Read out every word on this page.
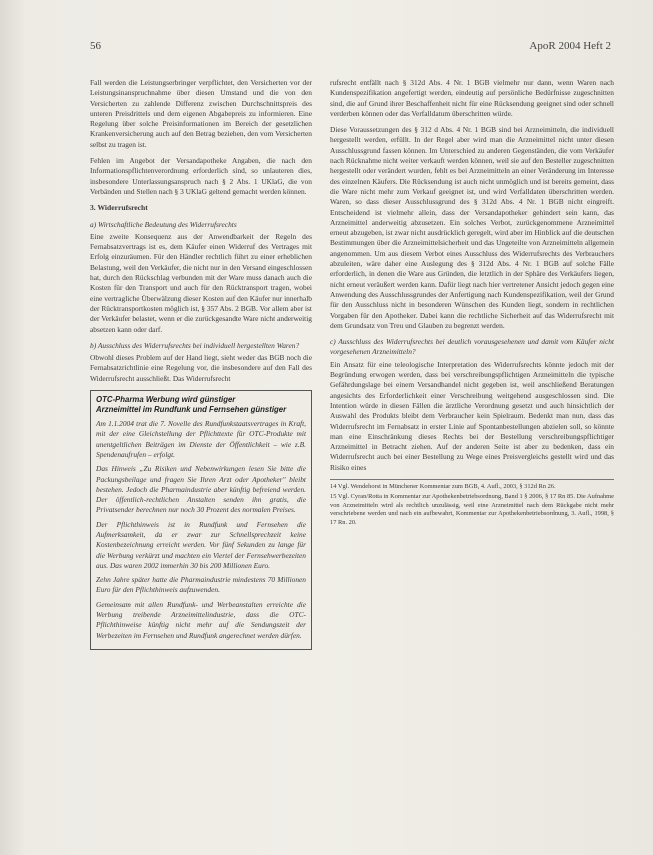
56	ApoR 2004 Heft 2

Fall werden die Leistungserbringer verpflichtet, den Versicherten vor der Leistungsinanspruchnahme über diesen Umstand und die von den Versicherten zu zahlende Differenz zwischen Durchschnittspreis des unteren Preisdrittels und dem eigenen Abgabepreis zu informieren. Eine Regelung über solche Preisinformationen im Bereich der gesetzlichen Krankenversicherung auch auf den Betrag beziehen, den vom Versicherten selbst zu tragen ist.

Fehlen im Angebot der Versandapotheke Angaben, die nach den Informationspflichtenverordnung erforderlich sind, so unlauteren dies, insbesondere Unterlassungsanspruch nach § 2 Abs. 1 UKlaG, die von Verbänden und Stellen nach § 3 UKlaG geltend gemacht werden können.

3. Widerrufsrecht
a) Wirtschaftliche Bedeutung des Widerrufsrechts

Eine zweite Konsequenz aus der Anwendbarkeit der Regeln des Fernabsatzvertrags ist es, dem Käufer einen Widerruf des Vertrages mit Erfolg einzuräumen. Für den Händler rechtlich führt zu einer erheblichen Belastung, weil den Verkäufer, die nicht nur in den Versand eingeschlossen hat, durch den Rückschlag verbunden mit der Ware muss danach auch die Kosten für den Transport und auch für den Rücktransport tragen, wobei eine vertragliche Überwälzung dieser Kosten auf den Käufer nur innerhalb der Rücktransportkosten möglich ist, § 357 Abs. 2 BGB. Vor allem aber ist der Verkäufer belastet, wenn er die zurückgesandte Ware nicht anderweitig absetzen kann oder darf.

b) Ausschluss des Widerrufsrechts bei individuell hergestellten Waren?

Obwohl dieses Problem auf der Hand liegt, sieht weder das BGB noch die Fernabsatzrichtlinie eine Regelung vor, die insbesondere auf den Fall des Widerrufsrecht ausschließt. Das Widerrufsrecht

OTC-Pharma Werbung wird günstiger

Arzneimittel im Rundfunk und Fernsehen günstiger

Am 1.1.2004 trat die 7. Novelle des Rundfunkstaatsvertrages in Kraft, mit der eine Gleichstellung der Pflichttexte für OTC-Produkte mit unentgeltlichen Beiträgen im Dienste der Öffentlichkeit – wie z.B. Spendenaufrufen – erfolgt.

Das Hinweis „Zu Risiken und Nebenwirkungen lesen Sie bitte die Packungsbeilage und fragen Sie Ihren Arzt oder Apotheker" bleibt bestehen. Jedoch die Pharmaindustrie aber künftig befreiend werden. Der öffentlich-rechtlichen Anstalten senden ihn gratis, die Privatsender berechnen nur noch 30 Prozent des normalen Preises.

Der Pflichthinweis ist in Rundfunk und Fernsehen die Aufmerksamkeit, da er zwar zur Schnellsprechzeit keine Kostenbezeichnung erreicht werden. Vor fünf Sekunden zu lange für die Werbung verkürzt und machten ein Viertel der Fernsehwerbezeiten aus. Das waren 2002 immerhin 30 bis 200 Millionen Euro.

Zehn Jahre später hatte die Pharmaindustrie mindestens 70 Millionen Euro für den Pflichthinweis aufzuwenden.

Gemeinsam mit allen Rundfunk- und Werbeanstalten erreichte die Werbung treibende Arzneimittelindustrie, dass die OTC-Pflichthinweise künftig nicht mehr auf die Sendungszeit der Werbezeiten im Fernsehen und Rundfunk angerechnet werden dürfen.

rufsrecht entfällt nach § 312d Abs. 4 Nr. 1 BGB vielmehr nur dann, wenn Waren nach Kundenspezifikation angefertigt werden, eindeutig auf persönliche Bedürfnisse zugeschnitten sind, die auf Grund ihrer Beschaffenheit nicht für eine Rücksendung geeignet sind oder schnell verderben können oder das Verfalldatum überschritten würde.

Diese Voraussetzungen des § 312 d Abs. 4 Nr. 1 BGB sind bei Arzneimitteln, die individuell hergestellt werden, erfüllt. In der Regel aber wird man die Arzneimittel nicht unter diesen Ausschlussgrund fassen können. Im Unterschied zu anderen Gegenständen, die vom Verkäufer nach Rücknahme nicht weiter verkauft werden können, weil sie auf den Besteller zugeschnitten hergestellt oder verändert wurden, fehlt es bei Arzneimitteln an einer Veränderung im Interesse des einzelnen Käufers. Die Rücksendung ist auch nicht unmöglich und ist bereits gemeint, dass die Ware nicht mehr zum Verkauf geeignet ist, und wird Verfalldaten überschritten werden. Waren, so dass dieser Ausschlussgrund des § 312d Abs. 4 Nr. 1 BGB nicht eingreift. Entscheidend ist vielmehr allein, dass der Versandapotheker gehindert sein kann, das Arzneimittel anderweitig abzusetzen. Ein solches Verbot, zurückgenommene Arzneimittel erneut abzugeben, ist zwar nicht ausdrücklich geregelt, wird aber im Hinblick auf die deutschen Bestimmungen über die Arzneimittelsicherheit und das Ungeteilte von Arzneimitteln allgemein angenommen. Um aus diesem Verbot eines Ausschluss des Widerrufsrechts des Verbrauchers abzuleiten, wäre daher eine Auslegung des § 312d Abs. 4 Nr. 1 BGB auf solche Fälle erforderlich, in denen die Ware aus Gründen, die letztlich in der Sphäre des Verkäufers liegen, nicht erneut veräußert werden kann. Dafür liegt nach hier vertretener Ansicht jedoch gegen eine Anwendung des Ausschlussgrundes der Anfertigung nach Kundenspezifikation, weil der Grund für den Ausschluss nicht in besonderen Wünschen des Kunden liegt, sondern in rechtlichen Vorgaben für den Apotheker. Dabei kann die rechtliche Sicherheit auf das Widerrufsrecht mit dem Grundsatz von Treu und Glauben zu begrenzt werden.

c) Ausschluss des Widerrufsrechts bei deutlich vorausgesehenen und damit vom Käufer nicht vorgesehenen Arzneimitteln?

Ein Ansatz für eine teleologische Interpretation des Widerrufsrechts könnte jedoch mit der Begründung erwogen werden, dass bei verschreibungspflichtigen Arzneimitteln die typische Gefährdungslage bei einem Versandhandel nicht gegeben ist, weil anschließend Beratungen angesichts des Erforderlichkeit einer Verschreibung weitgehend ausgeschlossen sind. Die Intention würde in diesen Fällen die ärztliche Verordnung gesetzt und auch hinsichtlich der Auswahl des Produkts bleibt dem Verbraucher kein Spielraum. Bedenkt man nun, dass das Widerrufsrecht im Fernabsatz in erster Linie auf Spontanbestellungen abzielen soll, so könnte man eine Einschränkung dieses Rechts bei der Bestellung verschreibungspflichtiger Arzneimittel in Betracht ziehen. Auf der anderen Seite ist aber zu bedenken, dass ein Widerrufsrecht auch bei einer Bestellung zu Wege eines Preisvergleichs gestellt wird und das Risiko eines

14 Vgl. Wendehorst in Münchener Kommentar zum BGB, 4. Aufl., 2003, § 312d Rn 26.

15 Vgl. Cyran/Rotta in Kommentar zur Apothekenbetriebsordnung, Band 1 § 2006, § 17 Rn 85. Die Aufnahme von Arzneimitteln wird als rechtlich unzulässig, weil eine Arzneimittel nach dem Rückgabe nicht mehr verschriebene werden und nach ein aufbewahrt, Kommentar zur Apothekenbetriebsordnung, 3. Aufl., 1998, § 17 Rn. 20.
